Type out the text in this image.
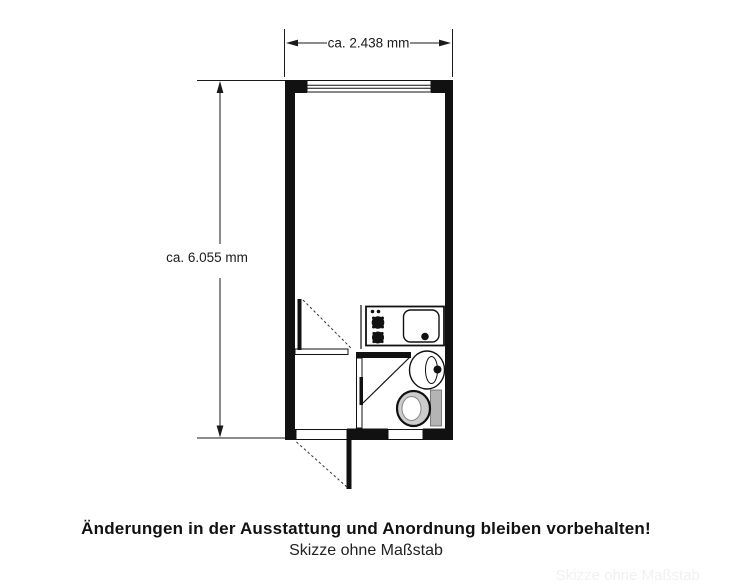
ca. 2.438 mm
ca. 6.055 mm
Änderungen in der Ausstattung und Anordnung bleiben vorbehalten!
Skizze ohne Maßstab
Skizze ohne Maßstab
